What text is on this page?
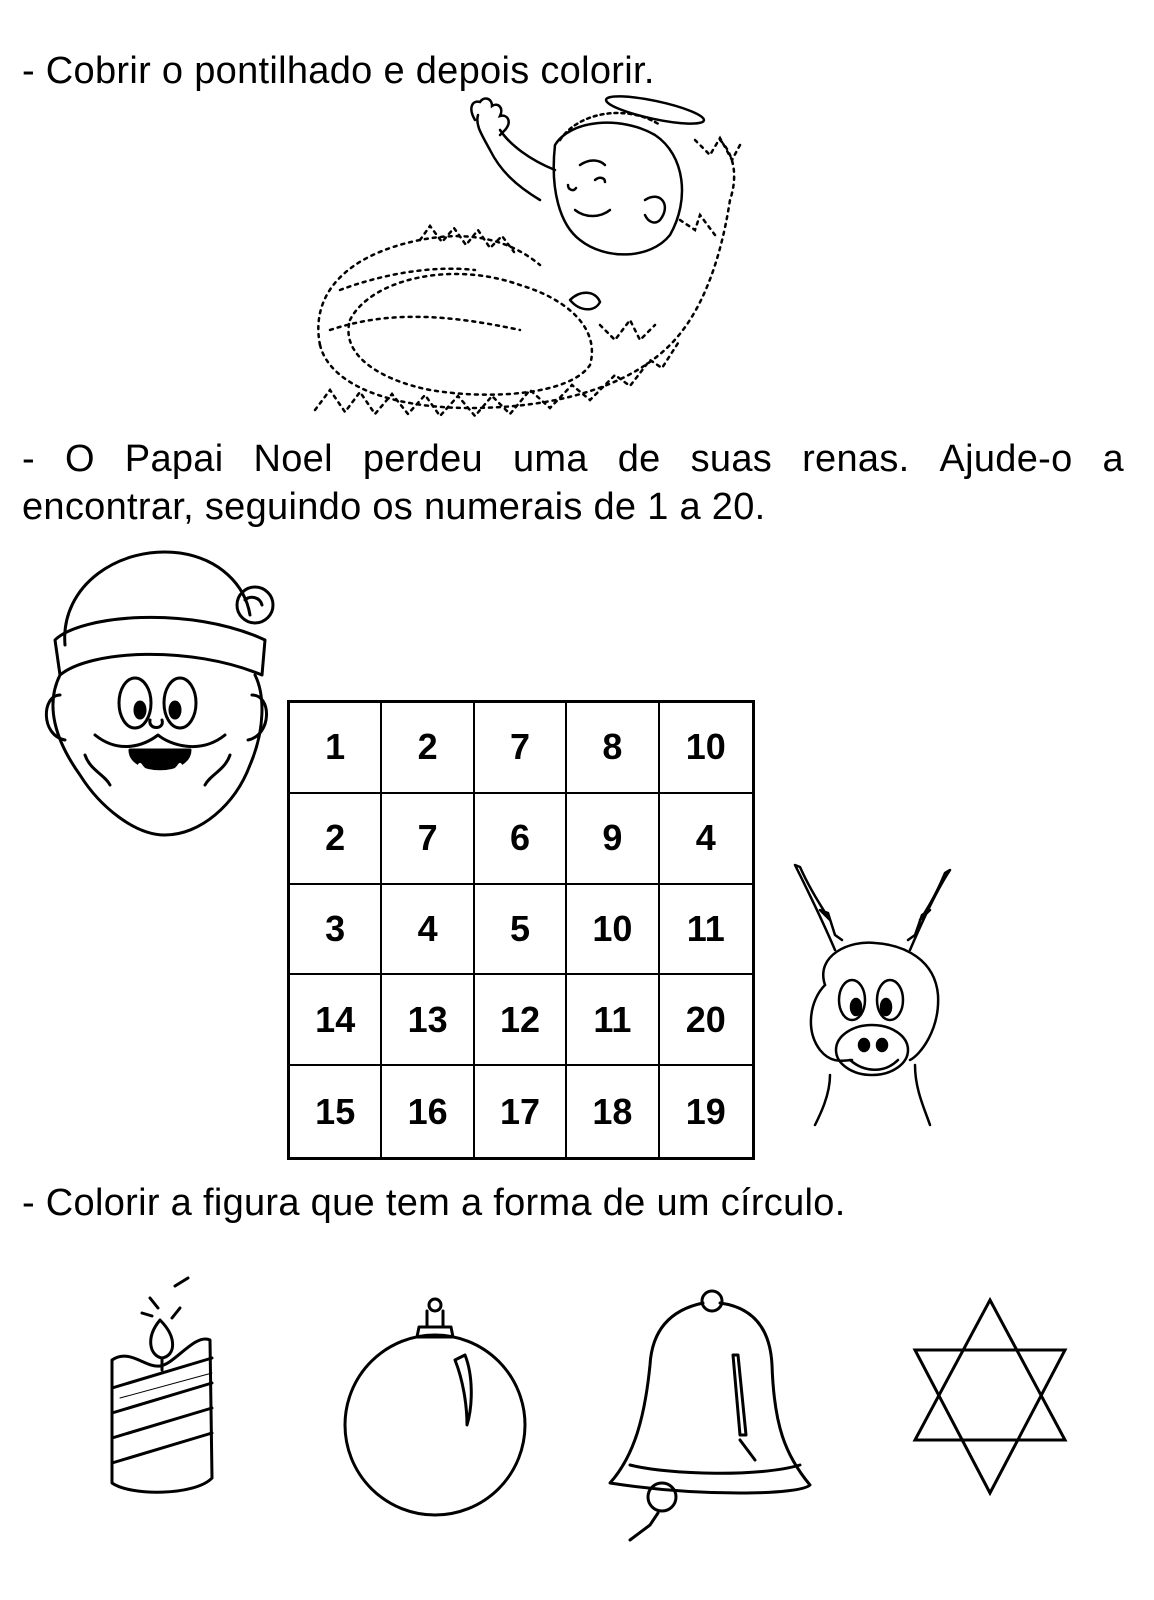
- Cobrir o pontilhado e depois colorir.
- O Papai Noel perdeu uma de suas renas. Ajude-o a
encontrar, seguindo os numerais de 1 a 20.
1	2	7	8	10
2	7	6	9	4
3	4	5	10	11
14	13	12	11	20
15	16	17	18	19
- Colorir a figura que tem a forma de um círculo.
